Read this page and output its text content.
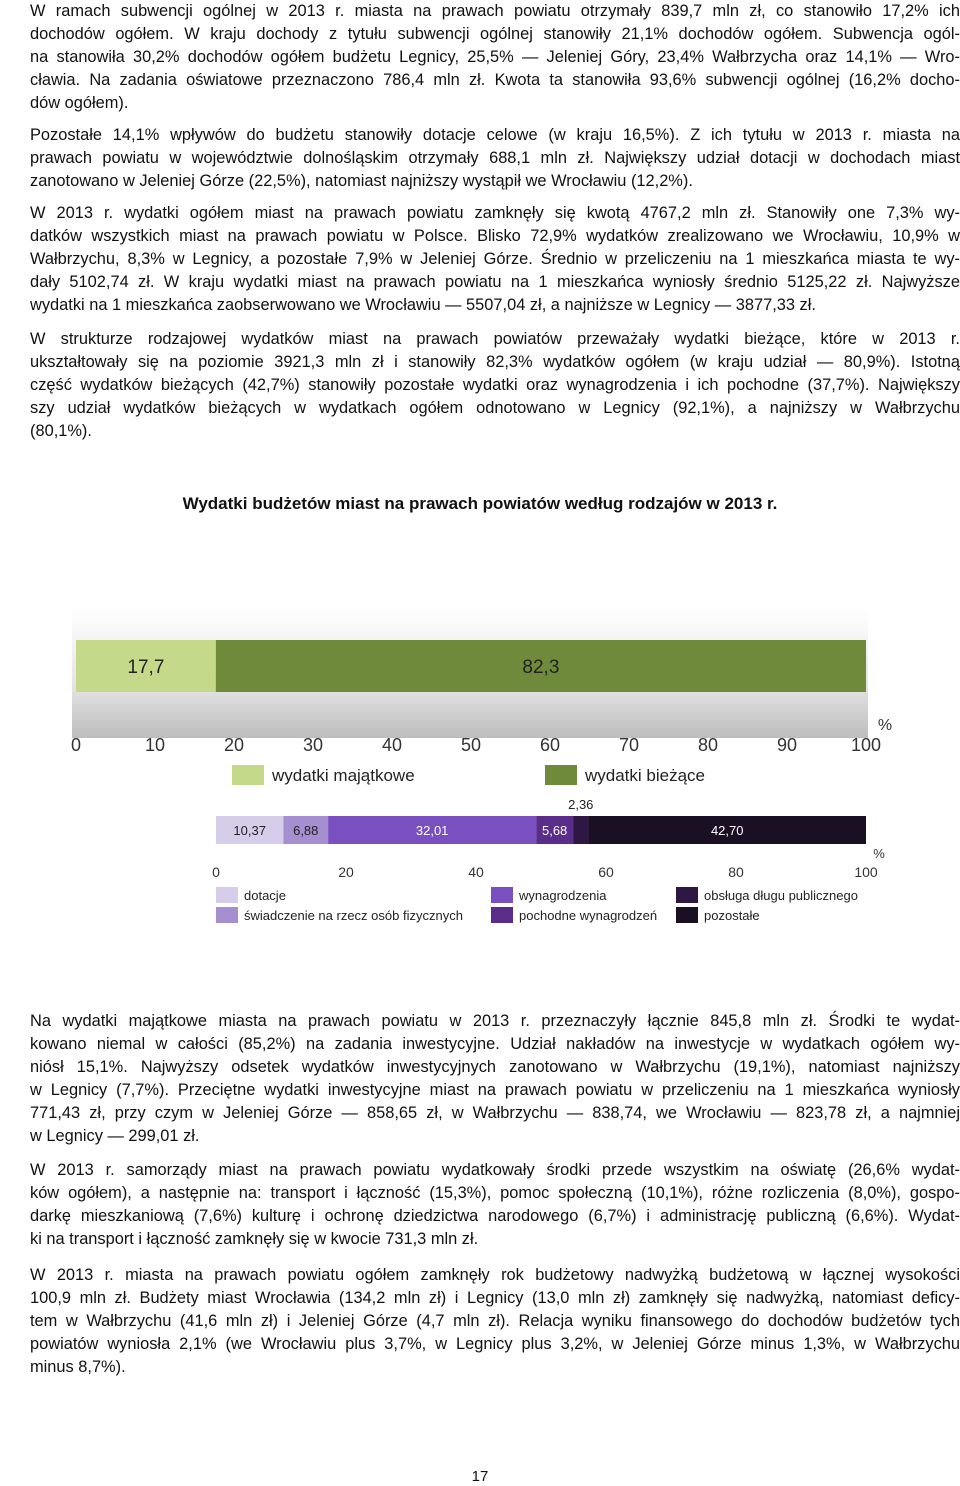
W ramach subwencji ogólnej w 2013 r. miasta na prawach powiatu otrzymały 839,7 mln zł, co stanowiło 17,2% ich
dochodów ogółem. W kraju dochody z tytułu subwencji ogólnej stanowiły 21,1% dochodów ogółem. Subwencja ogól-
na stanowiła 30,2% dochodów ogółem budżetu Legnicy, 25,5% — Jeleniej Góry, 23,4% Wałbrzycha oraz 14,1% — Wro-
cławia. Na zadania oświatowe przeznaczono 786,4 mln zł. Kwota ta stanowiła 93,6% subwencji ogólnej (16,2% docho-
dów ogółem).
Pozostałe 14,1% wpływów do budżetu stanowiły dotacje celowe (w kraju 16,5%). Z ich tytułu w 2013 r. miasta na
prawach powiatu w województwie dolnośląskim otrzymały 688,1 mln zł. Największy udział dotacji w dochodach miast
zanotowano w Jeleniej Górze (22,5%), natomiast najniższy wystąpił we Wrocławiu (12,2%).
W 2013 r. wydatki ogółem miast na prawach powiatu zamknęły się kwotą 4767,2 mln zł. Stanowiły one 7,3% wy-
datków wszystkich miast na prawach powiatu w Polsce. Blisko 72,9% wydatków zrealizowano we Wrocławiu, 10,9% w
Wałbrzychu, 8,3% w Legnicy, a pozostałe 7,9% w Jeleniej Górze. Średnio w przeliczeniu na 1 mieszkańca miasta te wy-
dały 5102,74 zł. W kraju wydatki miast na prawach powiatu na 1 mieszkańca wyniosły średnio 5125,22 zł. Najwyższe
wydatki na 1 mieszkańca zaobserwowano we Wrocławiu — 5507,04 zł, a najniższe w Legnicy — 3877,33 zł.
W strukturze rodzajowej wydatków miast na prawach powiatów przeważały wydatki bieżące, które w 2013 r.
ukształtowały się na poziomie 3921,3 mln zł i stanowiły 82,3% wydatków ogółem (w kraju udział — 80,9%). Istotną
część wydatków bieżących (42,7%) stanowiły pozostałe wydatki oraz wynagrodzenia i ich pochodne (37,7%). Największy
szy udział wydatków bieżących w wydatkach ogółem odnotowano w Legnicy (92,1%), a najniższy w Wałbrzychu
(80,1%).
Wydatki budżetów miast na prawach powiatów według rodzajów w 2013 r.
17,7	82,3
0	10	20	30	40	50	60	70	80	90	100
%
wydatki majątkowe	wydatki bieżące
10,37 6,88	32,01	5,68
2,36
42,70
0	20	40	60	80	100
%
dotacje
świadczenie na rzecz osób fizycznych
wynagrodzenia
pochodne wynagrodzeń
obsługa długu publicznego
pozostałe
Na wydatki majątkowe miasta na prawach powiatu w 2013 r. przeznaczyły łącznie 845,8 mln zł. Środki te wydat-
kowano niemal w całości (85,2%) na zadania inwestycyjne. Udział nakładów na inwestycje w wydatkach ogółem wy-
niósł 15,1%. Najwyższy odsetek wydatków inwestycyjnych zanotowano w Wałbrzychu (19,1%), natomiast najniższy
w Legnicy (7,7%). Przeciętne wydatki inwestycyjne miast na prawach powiatu w przeliczeniu na 1 mieszkańca wyniosły
771,43 zł, przy czym w Jeleniej Górze — 858,65 zł, w Wałbrzychu — 838,74, we Wrocławiu — 823,78 zł, a najmniej
w Legnicy — 299,01 zł.
W 2013 r. samorządy miast na prawach powiatu wydatkowały środki przede wszystkim na oświatę (26,6% wydat-
ków ogółem), a następnie na: transport i łączność (15,3%), pomoc społeczną (10,1%), różne rozliczenia (8,0%), gospo-
darkę mieszkaniową (7,6%) kulturę i ochronę dziedzictwa narodowego (6,7%) i administrację publiczną (6,6%). Wydat-
ki na transport i łączność zamknęły się w kwocie 731,3 mln zł.
W 2013 r. miasta na prawach powiatu ogółem zamknęły rok budżetowy nadwyżką budżetową w łącznej wysokości
100,9 mln zł. Budżety miast Wrocławia (134,2 mln zł) i Legnicy (13,0 mln zł) zamknęły się nadwyżką, natomiast deficy-
tem w Wałbrzychu (41,6 mln zł) i Jeleniej Górze (4,7 mln zł). Relacja wyniku finansowego do dochodów budżetów tych
powiatów wyniosła 2,1% (we Wrocławiu plus 3,7%, w Legnicy plus 3,2%, w Jeleniej Górze minus 1,3%, w Wałbrzychu
minus 8,7%).
17
